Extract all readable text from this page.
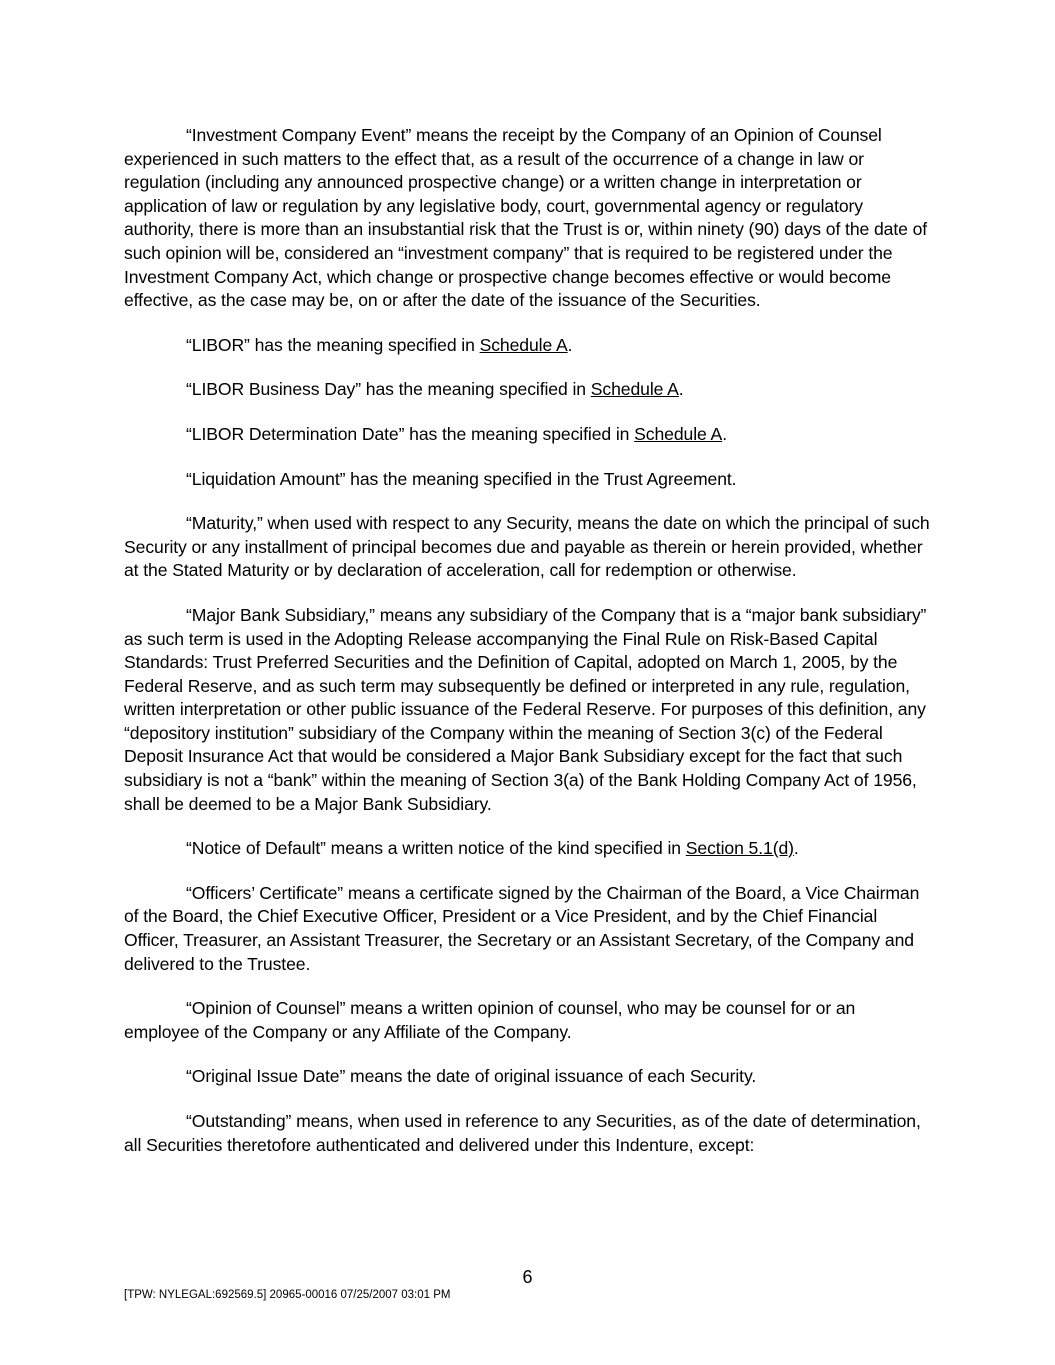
“Investment Company Event” means the receipt by the Company of an Opinion of Counsel experienced in such matters to the effect that, as a result of the occurrence of a change in law or regulation (including any announced prospective change) or a written change in interpretation or application of law or regulation by any legislative body, court, governmental agency or regulatory authority, there is more than an insubstantial risk that the Trust is or, within ninety (90) days of the date of such opinion will be, considered an “investment company” that is required to be registered under the Investment Company Act, which change or prospective change becomes effective or would become effective, as the case may be, on or after the date of the issuance of the Securities.

“LIBOR” has the meaning specified in Schedule A.

“LIBOR Business Day” has the meaning specified in Schedule A.

“LIBOR Determination Date” has the meaning specified in Schedule A.

“Liquidation Amount” has the meaning specified in the Trust Agreement.

“Maturity,” when used with respect to any Security, means the date on which the principal of such Security or any installment of principal becomes due and payable as therein or herein provided, whether at the Stated Maturity or by declaration of acceleration, call for redemption or otherwise.

“Major Bank Subsidiary,” means any subsidiary of the Company that is a “major bank subsidiary” as such term is used in the Adopting Release accompanying the Final Rule on Risk-Based Capital Standards: Trust Preferred Securities and the Definition of Capital, adopted on March 1, 2005, by the Federal Reserve, and as such term may subsequently be defined or interpreted in any rule, regulation, written interpretation or other public issuance of the Federal Reserve. For purposes of this definition, any “depository institution” subsidiary of the Company within the meaning of Section 3(c) of the Federal Deposit Insurance Act that would be considered a Major Bank Subsidiary except for the fact that such subsidiary is not a “bank” within the meaning of Section 3(a) of the Bank Holding Company Act of 1956, shall be deemed to be a Major Bank Subsidiary.

“Notice of Default” means a written notice of the kind specified in Section 5.1(d).

“Officers’ Certificate” means a certificate signed by the Chairman of the Board, a Vice Chairman of the Board, the Chief Executive Officer, President or a Vice President, and by the Chief Financial Officer, Treasurer, an Assistant Treasurer, the Secretary or an Assistant Secretary, of the Company and delivered to the Trustee.

“Opinion of Counsel” means a written opinion of counsel, who may be counsel for or an employee of the Company or any Affiliate of the Company.

“Original Issue Date” means the date of original issuance of each Security.

“Outstanding” means, when used in reference to any Securities, as of the date of determination, all Securities theretofore authenticated and delivered under this Indenture, except:

6
[TPW: NYLEGAL:692569.5] 20965-00016 07/25/2007 03:01 PM
